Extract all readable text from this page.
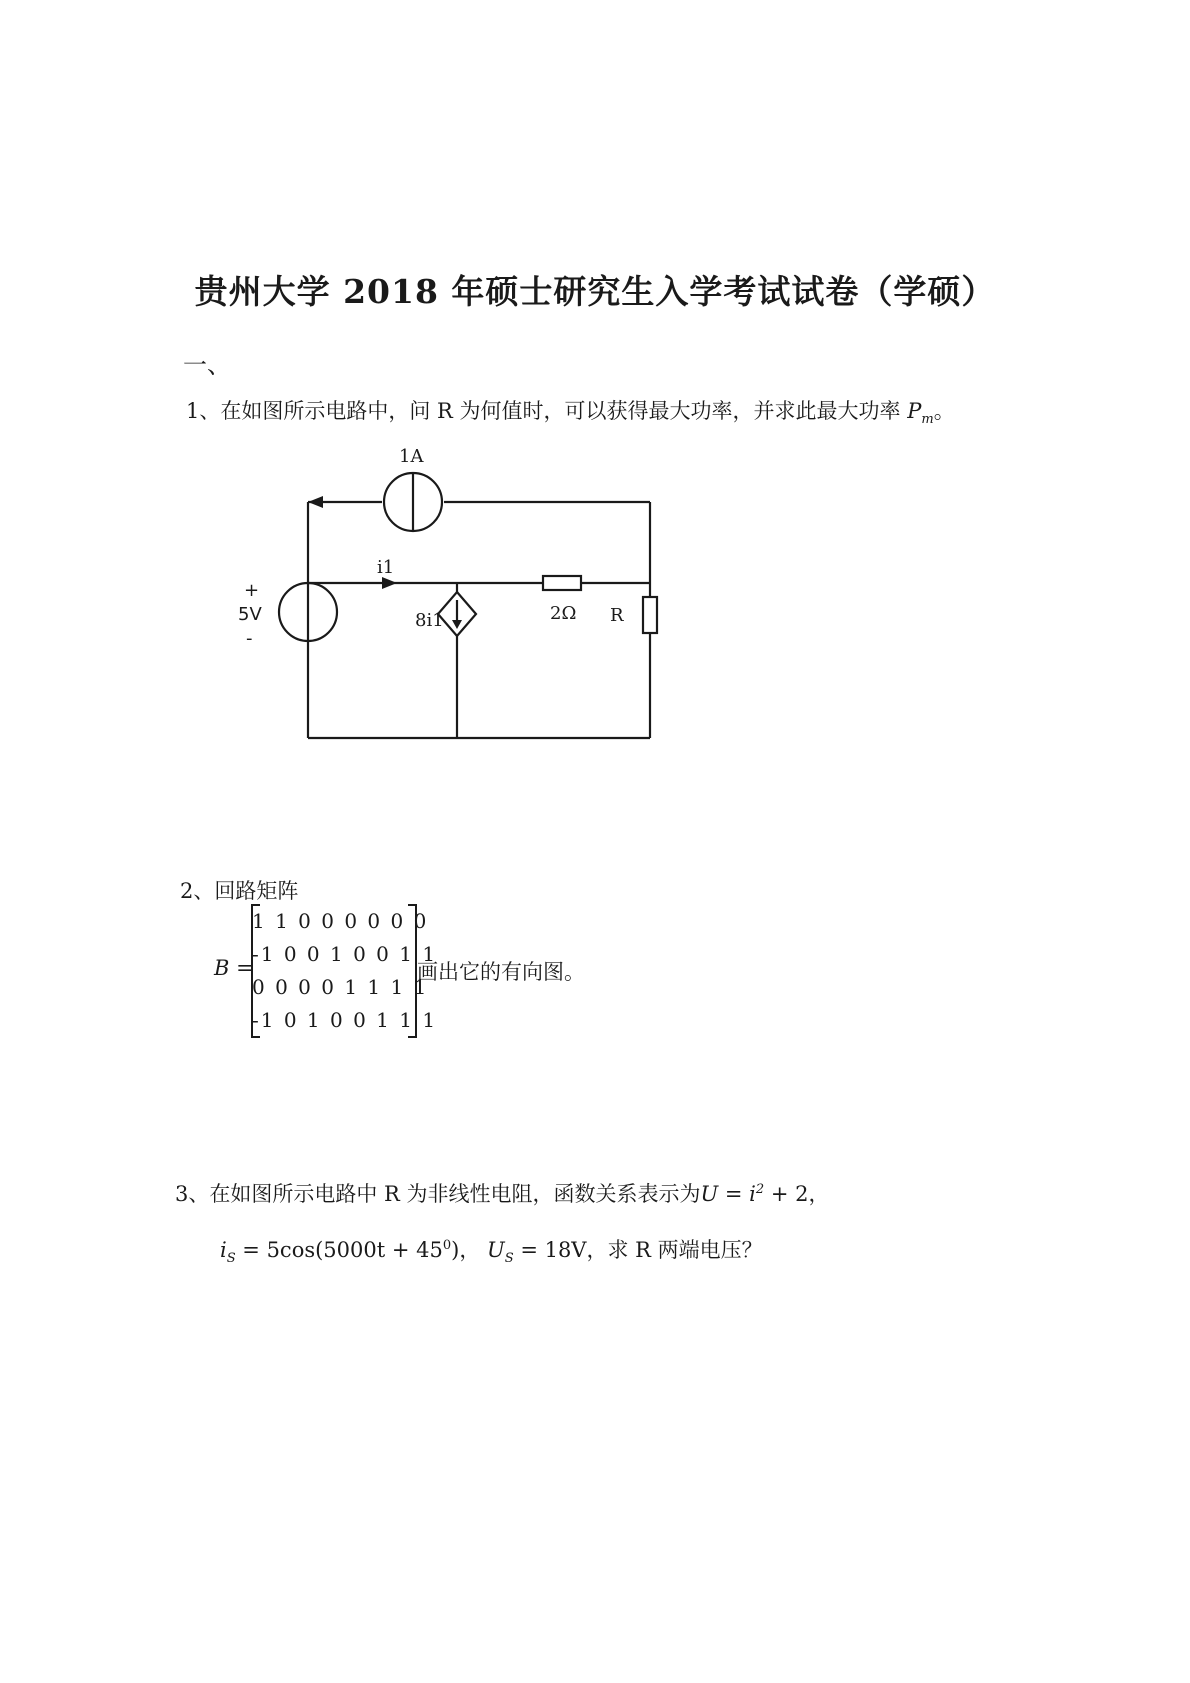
贵州大学 2018 年硕士研究生入学考试试卷（学硕）
一、
1、在如图所示电路中，问 R 为何值时，可以获得最大功率，并求此最大功率 $P_m$。
1A
i1
2Ω
+
5V
-
8i1	R
2、回路矩阵
B =
1 1 0 0 0 0 0 0
-1 0 0 1 0 0 1 1
0 0 0 0 1 1 1 1
-1 0 1 0 0 1 1 1
画出它的有向图。
3、在如图所示电路中 R 为非线性电阻，函数关系表示为$U = i^2 + 2$，
$i_S = 5\cos(5000t + 45^0)$， $U_S = 18V$，求 R 两端电压？
